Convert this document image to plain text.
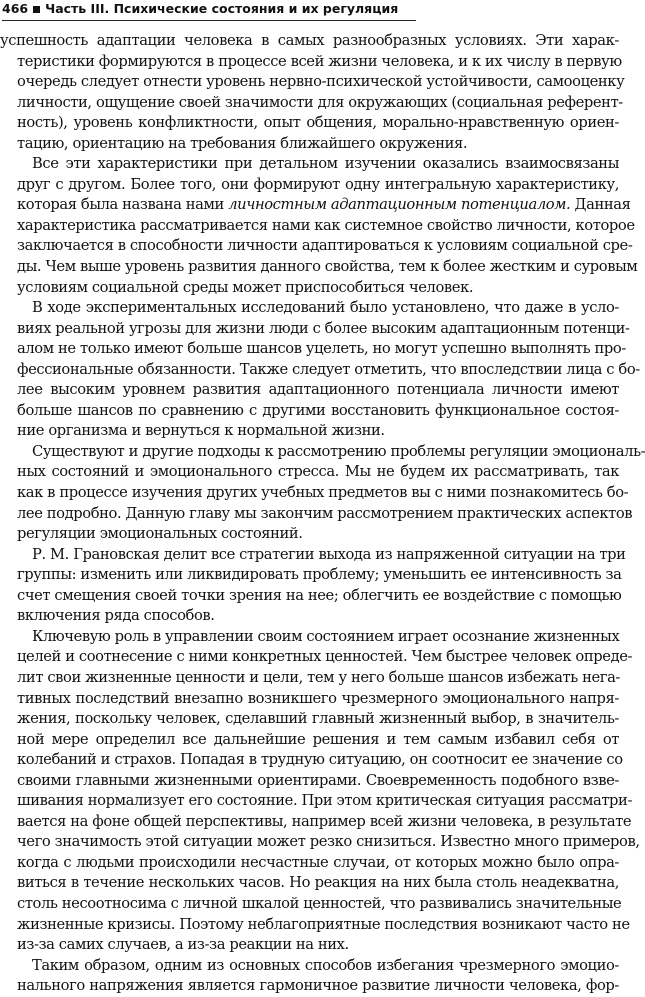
466 Часть III. Психические состояния и их регуляция

успешность адаптации человека в самых разнообразных условиях. Эти харак-
теристики формируются в процессе всей жизни человека, и к их числу в первую
очередь следует отнести уровень нервно-психической устойчивости, самооценку
личности, ощущение своей значимости для окружающих (социальная референт-
ность), уровень конфликтности, опыт общения, морально-нравственную ориен-
тацию, ориентацию на требования ближайшего окружения.

Все эти характеристики при детальном изучении оказались взаимосвязаны
друг с другом. Более того, они формируют одну интегральную характеристику,
которая была названа нами личностным адаптационным потенциалом. Данная
характеристика рассматривается нами как системное свойство личности, которое
заключается в способности личности адаптироваться к условиям социальной сре-
ды. Чем выше уровень развития данного свойства, тем к более жестким и суровым
условиям социальной среды может приспособиться человек.

В ходе экспериментальных исследований было установлено, что даже в усло-
виях реальной угрозы для жизни люди с более высоким адаптационным потенци-
алом не только имеют больше шансов уцелеть, но могут успешно выполнять про-
фессиональные обязанности. Также следует отметить, что впоследствии лица с бо-
лее высоким уровнем развития адаптационного потенциала личности имеют
больше шансов по сравнению с другими восстановить функциональное состоя-
ние организма и вернуться к нормальной жизни.

Существуют и другие подходы к рассмотрению проблемы регуляции эмоциональ-
ных состояний и эмоционального стресса. Мы не будем их рассматривать, так
как в процессе изучения других учебных предметов вы с ними познакомитесь бо-
лее подробно. Данную главу мы закончим рассмотрением практических аспектов
регуляции эмоциональных состояний.

Р. М. Грановская делит все стратегии выхода из напряженной ситуации на три
группы: изменить или ликвидировать проблему; уменьшить ее интенсивность за
счет смещения своей точки зрения на нее; облегчить ее воздействие с помощью
включения ряда способов.

Ключевую роль в управлении своим состоянием играет осознание жизненных
целей и соотнесение с ними конкретных ценностей. Чем быстрее человек опреде-
лит свои жизненные ценности и цели, тем у него больше шансов избежать нега-
тивных последствий внезапно возникшего чрезмерного эмоционального напря-
жения, поскольку человек, сделавший главный жизненный выбор, в значитель-
ной мере определил все дальнейшие решения и тем самым избавил себя от
колебаний и страхов. Попадая в трудную ситуацию, он соотносит ее значение со
своими главными жизненными ориентирами. Своевременность подобного взве-
шивания нормализует его состояние. При этом критическая ситуация рассматри-
вается на фоне общей перспективы, например всей жизни человека, в результате
чего значимость этой ситуации может резко снизиться. Известно много примеров,
когда с людьми происходили несчастные случаи, от которых можно было опра-
виться в течение нескольких часов. Но реакция на них была столь неадекватна,
столь несоотносима с личной шкалой ценностей, что развивались значительные
жизненные кризисы. Поэтому неблагоприятные последствия возникают часто не
из-за самих случаев, а из-за реакции на них.

Таким образом, одним из основных способов избегания чрезмерного эмоцио-
нального напряжения является гармоничное развитие личности человека, фор-
